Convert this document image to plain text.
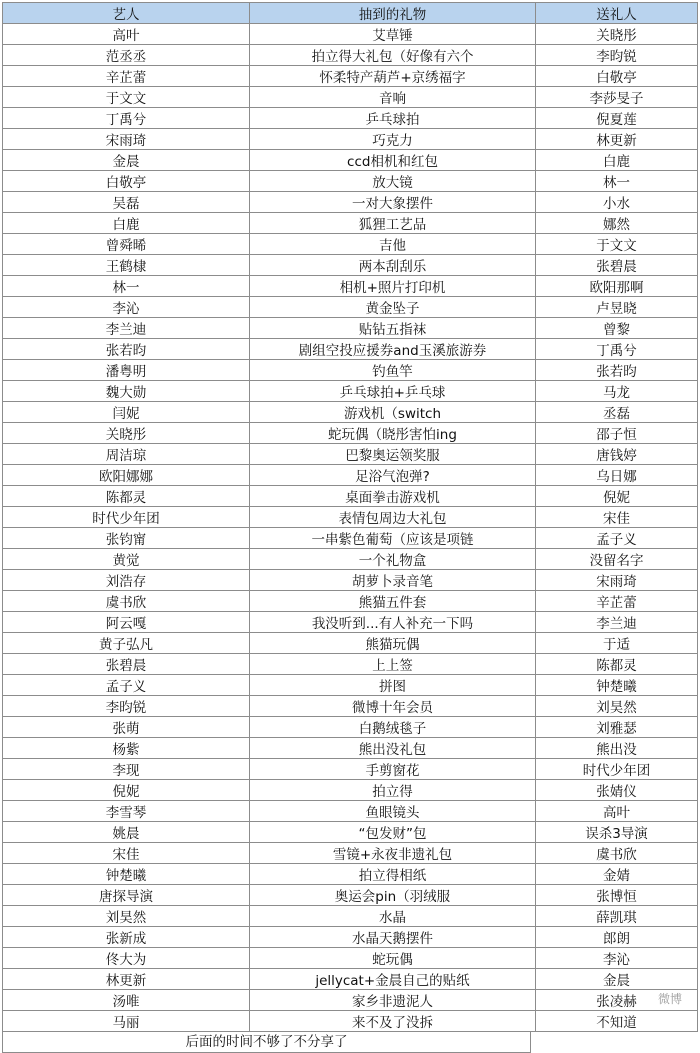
艺人	抽到的礼物	送礼人
高叶	艾草锤	关晓彤
范丞丞	拍立得大礼包（好像有六个	李昀锐
辛芷蕾	怀柔特产葫芦+京绣福字	白敬亭
于文文	音响	李莎旻子
丁禹兮	乒乓球拍	倪夏莲
宋雨琦	巧克力	林更新
金晨	ccd相机和红包	白鹿
白敬亭	放大镜	林一
吴磊	一对大象摆件	小水
白鹿	狐狸工艺品	娜然
曾舜晞	吉他	于文文
王鹤棣	两本刮刮乐	张碧晨
林一	相机+照片打印机	欧阳那啊
李沁	黄金坠子	卢昱晓
李兰迪	贴钻五指袜	曾黎
张若昀	剧组空投应援券and玉溪旅游券	丁禹兮
潘粤明	钓鱼竿	张若昀
魏大勋	乒乓球拍+乒乓球	马龙
闫妮	游戏机（switch	丞磊
关晓彤	蛇玩偶（晓彤害怕ing	邵子恒
周洁琼	巴黎奥运领奖服	唐钱婷
欧阳娜娜	足浴气泡弹?	乌日娜
陈都灵	桌面拳击游戏机	倪妮
时代少年团	表情包周边大礼包	宋佳
张钧甯	一串紫色葡萄（应该是项链	孟子义
黄觉	一个礼物盒	没留名字
刘浩存	胡萝卜录音笔	宋雨琦
虞书欣	熊猫五件套	辛芷蕾
阿云嘎	我没听到...有人补充一下吗	李兰迪
黄子弘凡	熊猫玩偶	于适
张碧晨	上上签	陈都灵
孟子义	拼图	钟楚曦
李昀锐	微博十年会员	刘昊然
张萌	白鹅绒毯子	刘雅瑟
杨紫	熊出没礼包	熊出没
李现	手剪窗花	时代少年团
倪妮	拍立得	张婧仪
李雪琴	鱼眼镜头	高叶
姚晨	“包发财”包	误杀3导演
宋佳	雪镜+永夜非遗礼包	虞书欣
钟楚曦	拍立得相纸	金婧
唐探导演	奥运会pin（羽绒服	张博恒
刘昊然	水晶	薛凯琪
张新成	水晶天鹅摆件	郎朗
佟大为	蛇玩偶	李沁
林更新	jellycat+金晨自己的贴纸	金晨
汤唯	家乡非遗泥人	张凌赫
马丽	来不及了没拆	不知道
后面的时间不够了不分享了
微博
